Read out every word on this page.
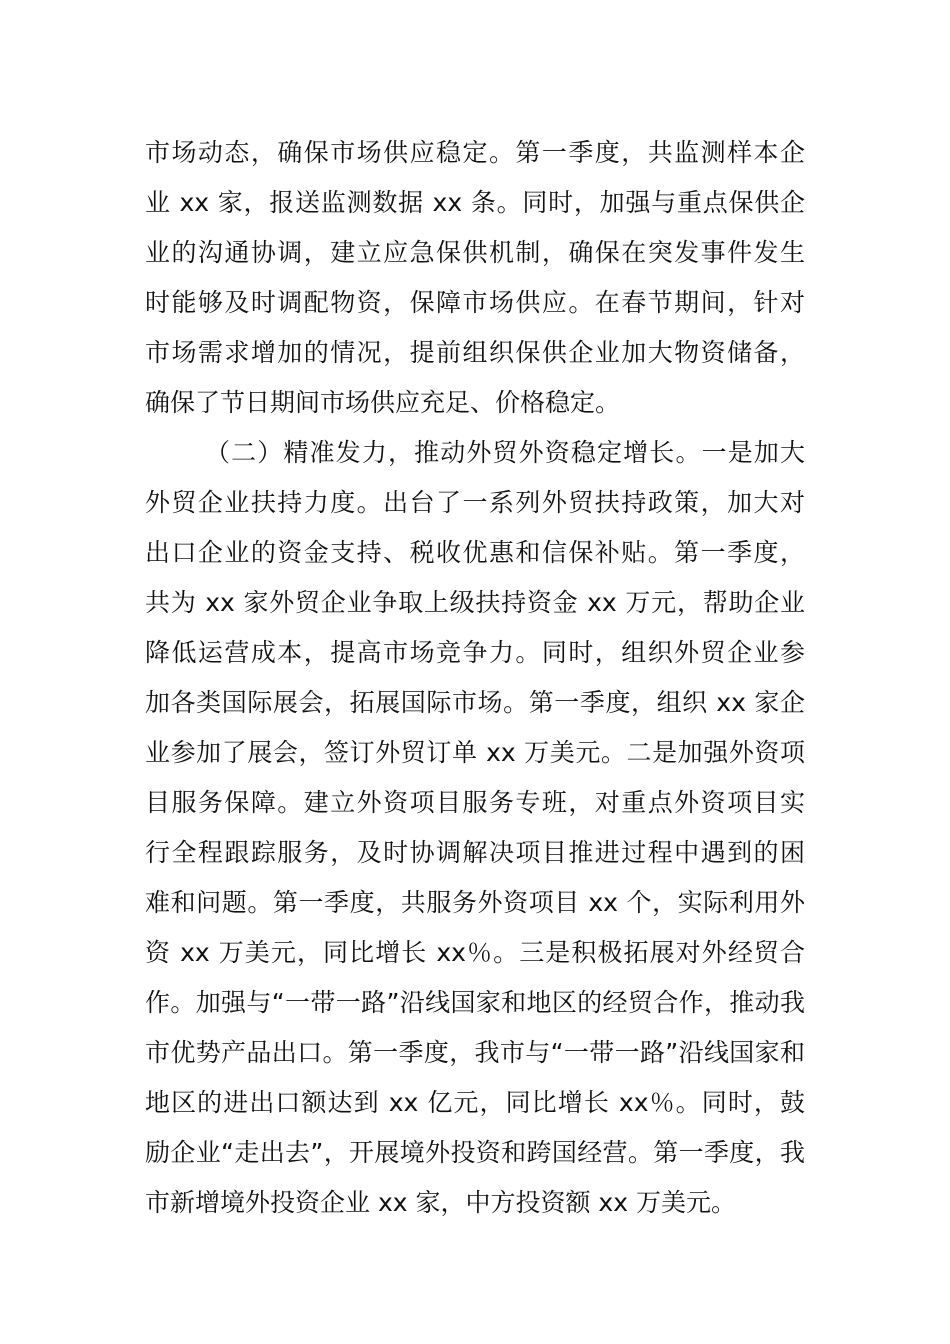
市场动态，确保市场供应稳定。第一季度，共监测样本企
业 xx 家，报送监测数据 xx 条。同时，加强与重点保供企
业的沟通协调，建立应急保供机制，确保在突发事件发生
时能够及时调配物资，保障市场供应。在春节期间，针对
市场需求增加的情况，提前组织保供企业加大物资储备，
确保了节日期间市场供应充足、价格稳定。
（二）精准发力，推动外贸外资稳定增长。一是加大
外贸企业扶持力度。出台了一系列外贸扶持政策，加大对
出口企业的资金支持、税收优惠和信保补贴。第一季度，
共为 xx 家外贸企业争取上级扶持资金 xx 万元，帮助企业
降低运营成本，提高市场竞争力。同时，组织外贸企业参
加各类国际展会，拓展国际市场。第一季度，组织 xx 家企
业参加了展会，签订外贸订单 xx 万美元。二是加强外资项
目服务保障。建立外资项目服务专班，对重点外资项目实
行全程跟踪服务，及时协调解决项目推进过程中遇到的困
难和问题。第一季度，共服务外资项目 xx 个，实际利用外
资 xx 万美元，同比增长 xx％。三是积极拓展对外经贸合
作。加强与“一带一路”沿线国家和地区的经贸合作，推动我
市优势产品出口。第一季度，我市与“一带一路”沿线国家和
地区的进出口额达到 xx 亿元，同比增长 xx％。同时，鼓
励企业“走出去”，开展境外投资和跨国经营。第一季度，我
市新增境外投资企业 xx 家，中方投资额 xx 万美元。
